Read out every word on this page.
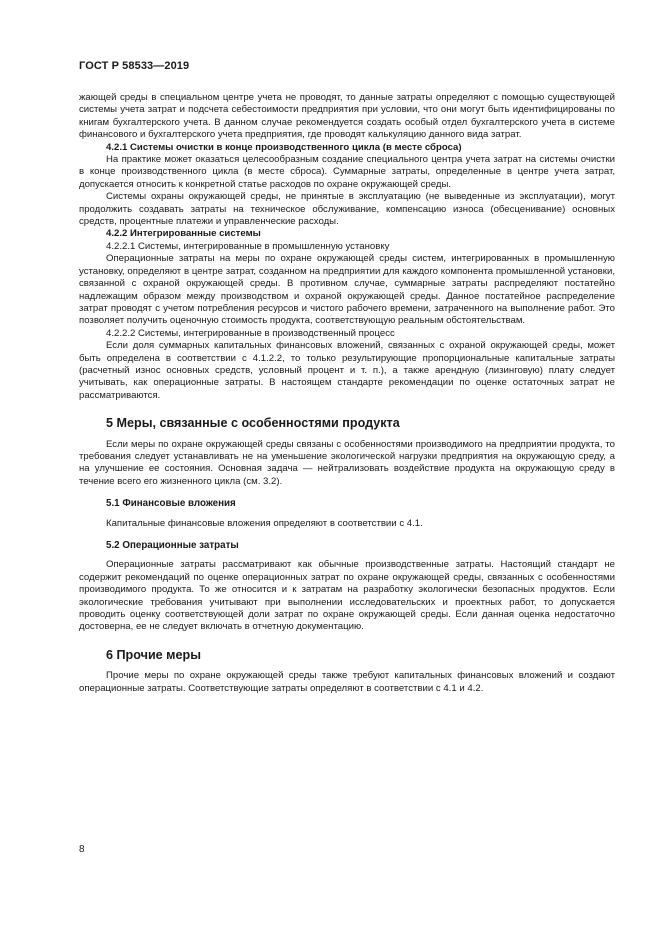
ГОСТ Р 58533—2019

жающей среды в специальном центре учета не проводят, то данные затраты определяют с помощью существующей системы учета затрат и подсчета себестоимости предприятия при условии, что они могут быть идентифицированы по книгам бухгалтерского учета. В данном случае рекомендуется создать особый отдел бухгалтерского учета в системе финансового и бухгалтерского учета предприятия, где проводят калькуляцию данного вида затрат.

4.2.1 Системы очистки в конце производственного цикла (в месте сброса)

На практике может оказаться целесообразным создание специального центра учета затрат на системы очистки в конце производственного цикла (в месте сброса). Суммарные затраты, определенные в центре учета затрат, допускается относить к конкретной статье расходов по охране окружающей среды.

Системы охраны окружающей среды, не принятые в эксплуатацию (не выведенные из эксплуатации), могут продолжить создавать затраты на техническое обслуживание, компенсацию износа (обесценивание) основных средств, процентные платежи и управленческие расходы.

4.2.2 Интегрированные системы

4.2.2.1 Системы, интегрированные в промышленную установку

Операционные затраты на меры по охране окружающей среды систем, интегрированных в промышленную установку, определяют в центре затрат, созданном на предприятии для каждого компонента промышленной установки, связанной с охраной окружающей среды. В противном случае, суммарные затраты распределяют постатейно надлежащим образом между производством и охраной окружающей среды. Данное постатейное распределение затрат проводят с учетом потребления ресурсов и чистого рабочего времени, затраченного на выполнение работ. Это позволяет получить оценочную стоимость продукта, соответствующую реальным обстоятельствам.

4.2.2.2 Системы, интегрированные в производственный процесс

Если доля суммарных капитальных финансовых вложений, связанных с охраной окружающей среды, может быть определена в соответствии с 4.1.2.2, то только результирующие пропорциональные капитальные затраты (расчетный износ основных средств, условный процент и т. п.), а также арендную (лизинговую) плату следует учитывать, как операционные затраты. В настоящем стандарте рекомендации по оценке остаточных затрат не рассматриваются.

5 Меры, связанные с особенностями продукта

Если меры по охране окружающей среды связаны с особенностями производимого на предприятии продукта, то требования следует устанавливать не на уменьшение экологической нагрузки предприятия на окружающую среду, а на улучшение ее состояния. Основная задача — нейтрализовать воздействие продукта на окружающую среду в течение всего его жизненного цикла (см. 3.2).

5.1 Финансовые вложения

Капитальные финансовые вложения определяют в соответствии с 4.1.

5.2 Операционные затраты

Операционные затраты рассматривают как обычные производственные затраты. Настоящий стандарт не содержит рекомендаций по оценке операционных затрат по охране окружающей среды, связанных с особенностями производимого продукта. То же относится и к затратам на разработку экологически безопасных продуктов. Если экологические требования учитывают при выполнении исследовательских и проектных работ, то допускается проводить оценку соответствующей доли затрат по охране окружающей среды. Если данная оценка недостаточно достоверна, ее не следует включать в отчетную документацию.

6 Прочие меры

Прочие меры по охране окружающей среды также требуют капитальных финансовых вложений и создают операционные затраты. Соответствующие затраты определяют в соответствии с 4.1 и 4.2.

8
